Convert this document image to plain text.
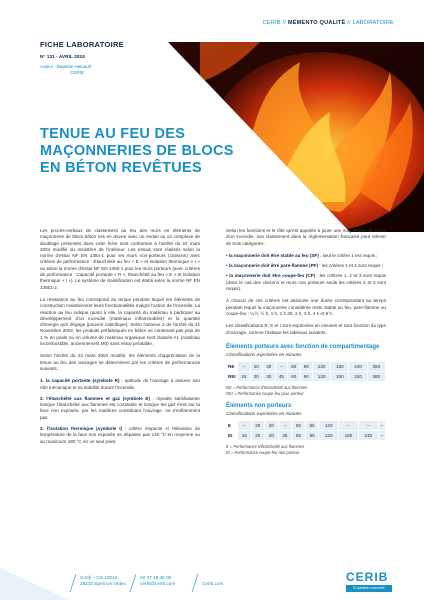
CERIB // MÉMENTO QUALITÉ // LABORATOIRE
FICHE LABORATOIRE
N° 131 · AVRIL 2024
Auteur : Baptiste Hainault
CERIB
TENUE AU FEU DES
MAÇONNERIES DE BLOCS
EN BÉTON REVÊTUES

Les procès-verbaux de classement au feu des murs en éléments de maçonnerie de blocs béton mis en œuvre avec un enduit ou un complexe de doublage présentés dans cette fiche sont conformes à l'arrêté du 22 mars 2004 modifié du ministère de l'intérieur. Les essais sont réalisés selon la norme d'essai NF EN 1364-1 pour les murs non-porteurs (cloisons) avec critères de performance : Étanchéité au feu « E » et Isolation thermique « I » ou selon la norme d'essai NF EN 1365-1 pour les murs porteurs (avec critères de performance : Capacité portante « R », Étanchéité au feu « E » et Isolation thermique « I »). Le système de classification est établi selon la norme NF EN 13501-2.

La résistance au feu correspond au temps pendant lequel les éléments de construction maintiennent leurs fonctionnalités malgré l'action de l'incendie. La réaction au feu indique quant à elle, la capacité du matériau à participer au développement d'un incendie (matériaux inflammables) et la quantité d'énergie qu'il dégage (pouvoir calorifique). Selon l'annexe 3 de l'arrêté du 21 Novembre 2002, les produits préfabriqués en béton ne contenant pas plus de 1 % en poids ou en volume de matériau organique sont classés A1 (matériau incombustible, anciennement M0) sans essai préalable.

Selon l'arrêté du 22 mars 2004 modifié, les éléments d'appréciation de la tenue au feu des ouvrages se déterminent par les critères de performances suivants :

1. la capacité portante (symbole R) : aptitude de l'ouvrage à assurer son rôle mécanique et sa stabilité durant l'incendie.
2. l'étanchéité aux flammes et gaz (symbole E) : réputée satisfaisante lorsque l'étanchéité aux flammes est constatée et lorsque les gaz émis sur la face non exposée, par les matières constituant l'ouvrage, ne s'enflamment pas.
3. l'isolation thermique (symbole I) : critère respecté si l'élévation de température de la face non exposée ne dépasse pas 140 °C en moyenne ou au maximum 180 °C en un seul point.

Selon les fonctions et le rôle qu'est appelée à jouer une maçonnerie au cours d'un incendie, son classement dans la réglementation française peut relever de trois catégories :

• la maçonnerie doit être stable au feu (SF) : seul le critère 1 est requis ;
• la maçonnerie doit être pare-flamme (PF) : les critères 1 et 2 sont requis ;
• la maçonnerie doit être coupe-feu (CF) : les critères 1, 2 et 3 sont requis (dans le cas des cloisons et murs non porteurs seuls les critères 2 et 3 sont requis).

À chacun de ces critères est associée une durée correspondant au temps pendant lequel la maçonnerie considérée reste stable au feu, pare-flamme ou coupe-feu : ¼ h, ½ h, 1 h, 1 h 30, 2 h, 3 h, 4 h et 6 h.

Les classifications R, E et I sont exprimées en minutes et sont fonction du type d'ouvrage, comme l'indique les tableaux suivants.

Éléments porteurs avec fonction de compartimentage
Classifications exprimées en minutes
RE	–	20	30	–	60	90	120	180	240	360
REI	15	20	30	45	60	90	120	180	240	360
RE = Performance d'étanchéité aux flammes
REI = Performance coupe-feu pour porteur
Éléments non porteurs
Classifications exprimées en minutes
E	–	20	30	–	60	90	120	–	–	–
EI	15	20	30	45	60	90	120	180	240	–
E = Performance d'étanchéité aux flammes
EI = Performance coupe-feu non porteur
Cerib – CS 10010
28233 Épernon cedex
02 37 18 48 00
cerib@cerib.com	Cerib.com	CERIB
Expertise concrète
